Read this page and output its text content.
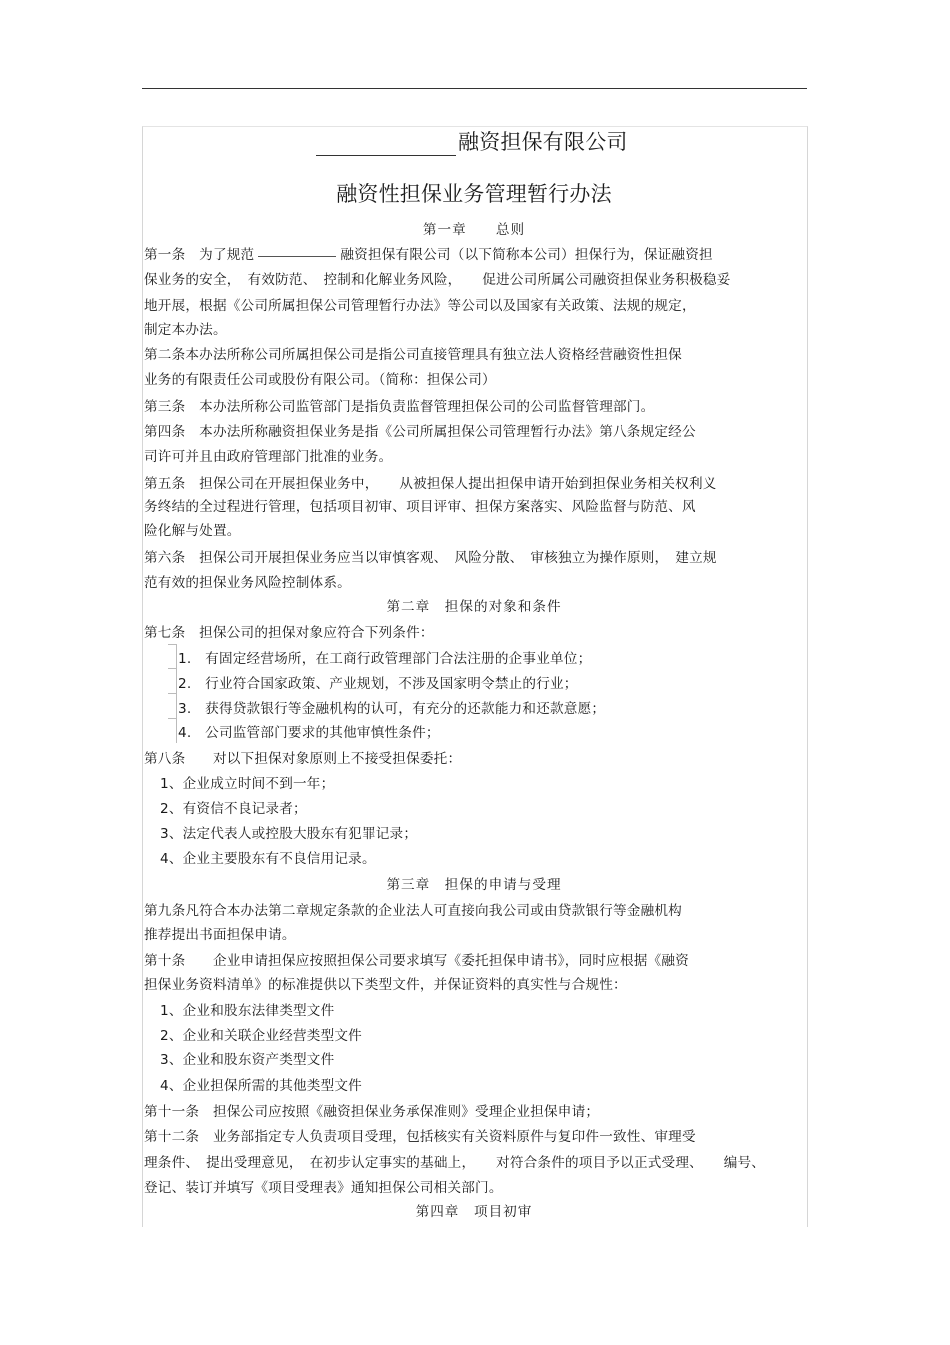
融资担保有限公司
融资性担保业务管理暂行办法
第一章　　总则
第一条　为了规范	融资担保有限公司（以下简称本公司）担保行为，保证融资担
保业务的安全，　有效防范、　控制和化解业务风险，　　促进公司所属公司融资担保业务积极稳妥
地开展，根据《公司所属担保公司管理暂行办法》等公司以及国家有关政策、法规的规定，
制定本办法。
第二条本办法所称公司所属担保公司是指公司直接管理具有独立法人资格经营融资性担保
业务的有限责任公司或股份有限公司。（简称：担保公司）
第三条　本办法所称公司监管部门是指负责监督管理担保公司的公司监督管理部门。
第四条　本办法所称融资担保业务是指《公司所属担保公司管理暂行办法》第八条规定经公
司许可并且由政府管理部门批准的业务。
第五条　担保公司在开展担保业务中，　　从被担保人提出担保申请开始到担保业务相关权利义
务终结的全过程进行管理，包括项目初审、项目评审、担保方案落实、风险监督与防范、风
险化解与处置。
第六条　担保公司开展担保业务应当以审慎客观、　风险分散、　审核独立为操作原则，　建立规
范有效的担保业务风险控制体系。
第二章　担保的对象和条件
第七条　担保公司的担保对象应符合下列条件：
1.　有固定经营场所，在工商行政管理部门合法注册的企事业单位；
2.　行业符合国家政策、产业规划，不涉及国家明令禁止的行业；
3.　获得贷款银行等金融机构的认可，有充分的还款能力和还款意愿；
4.　公司监管部门要求的其他审慎性条件；
第八条　　对以下担保对象原则上不接受担保委托：
1、企业成立时间不到一年；
2、有资信不良记录者；
3、法定代表人或控股大股东有犯罪记录；
4、企业主要股东有不良信用记录。
第三章　担保的申请与受理
第九条凡符合本办法第二章规定条款的企业法人可直接向我公司或由贷款银行等金融机构
推荐提出书面担保申请。
第十条　　企业申请担保应按照担保公司要求填写《委托担保申请书》，同时应根据《融资
担保业务资料清单》的标准提供以下类型文件，并保证资料的真实性与合规性：
1、企业和股东法律类型文件
2、企业和关联企业经营类型文件
3、企业和股东资产类型文件
4、企业担保所需的其他类型文件
第十一条　担保公司应按照《融资担保业务承保准则》受理企业担保申请；
第十二条　业务部指定专人负责项目受理，包括核实有关资料原件与复印件一致性、审理受
理条件、　提出受理意见，　在初步认定事实的基础上，　　对符合条件的项目予以正式受理、　　编号、
登记、装订并填写《项目受理表》通知担保公司相关部门。
第四章　项目初审
